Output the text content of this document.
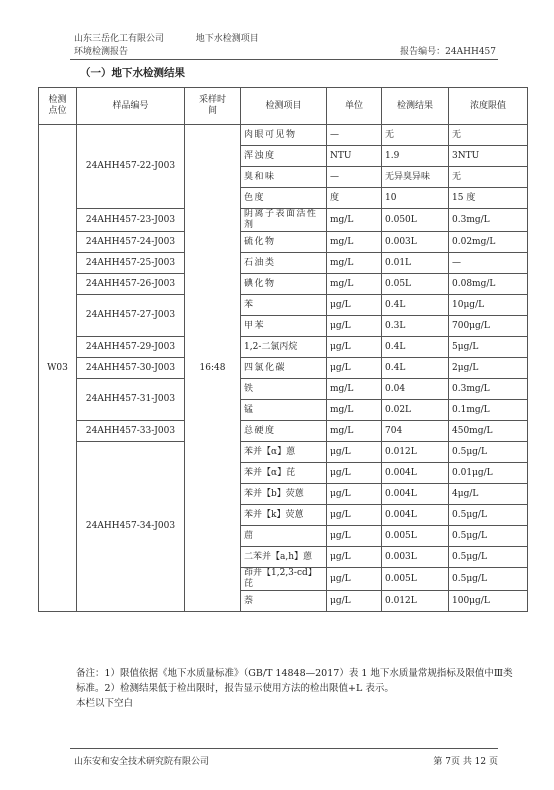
山东三岳化工有限公司	地下水检测项目
环境检测报告	报告编号：24AHH457
（一）地下水检测结果
检测点位	样品编号	采样时间	检测项目	单位	检测结果	浓度限值
W03	24AHH457-22-J003	16:48	肉眼可见物	—	无	无
			浑浊度	NTU	1.9	3NTU
			臭和味	—	无异臭异味	无
			色度	度	10	15 度
	24AHH457-23-J003		阴离子表面活性剂	mg/L	0.050L	0.3mg/L
	24AHH457-24-J003		硫化物	mg/L	0.003L	0.02mg/L
	24AHH457-25-J003		石油类	mg/L	0.01L	—
	24AHH457-26-J003		碘化物	mg/L	0.05L	0.08mg/L
	24AHH457-27-J003		苯	μg/L	0.4L	10μg/L
			甲苯	μg/L	0.3L	700μg/L
	24AHH457-29-J003		1,2-二氯丙烷	μg/L	0.4L	5μg/L
	24AHH457-30-J003		四氯化碳	μg/L	0.4L	2μg/L
	24AHH457-31-J003		铁	mg/L	0.04	0.3mg/L
			锰	mg/L	0.02L	0.1mg/L
	24AHH457-33-J003		总硬度	mg/L	704	450mg/L
	24AHH457-34-J003		苯并【α】蒽	μg/L	0.012L	0.5μg/L
			苯并【α】芘	μg/L	0.004L	0.01μg/L
			苯并【b】荧蒽	μg/L	0.004L	4μg/L
			苯并【k】荧蒽	μg/L	0.004L	0.5μg/L
			䓛	μg/L	0.005L	0.5μg/L
			二苯并【a,h】蒽	μg/L	0.003L	0.5μg/L
			茚并【1,2,3-cd】芘	μg/L	0.005L	0.5μg/L
			萘	μg/L	0.012L	100μg/L
备注：1）限值依据《地下水质量标准》（GB/T 14848—2017）表 1 地下水质量常规指标及限值中Ⅲ类标准。2）检测结果低于检出限时，报告显示使用方法的检出限值+L 表示。
本栏以下空白
山东安和安全技术研究院有限公司	第 7页 共 12 页
